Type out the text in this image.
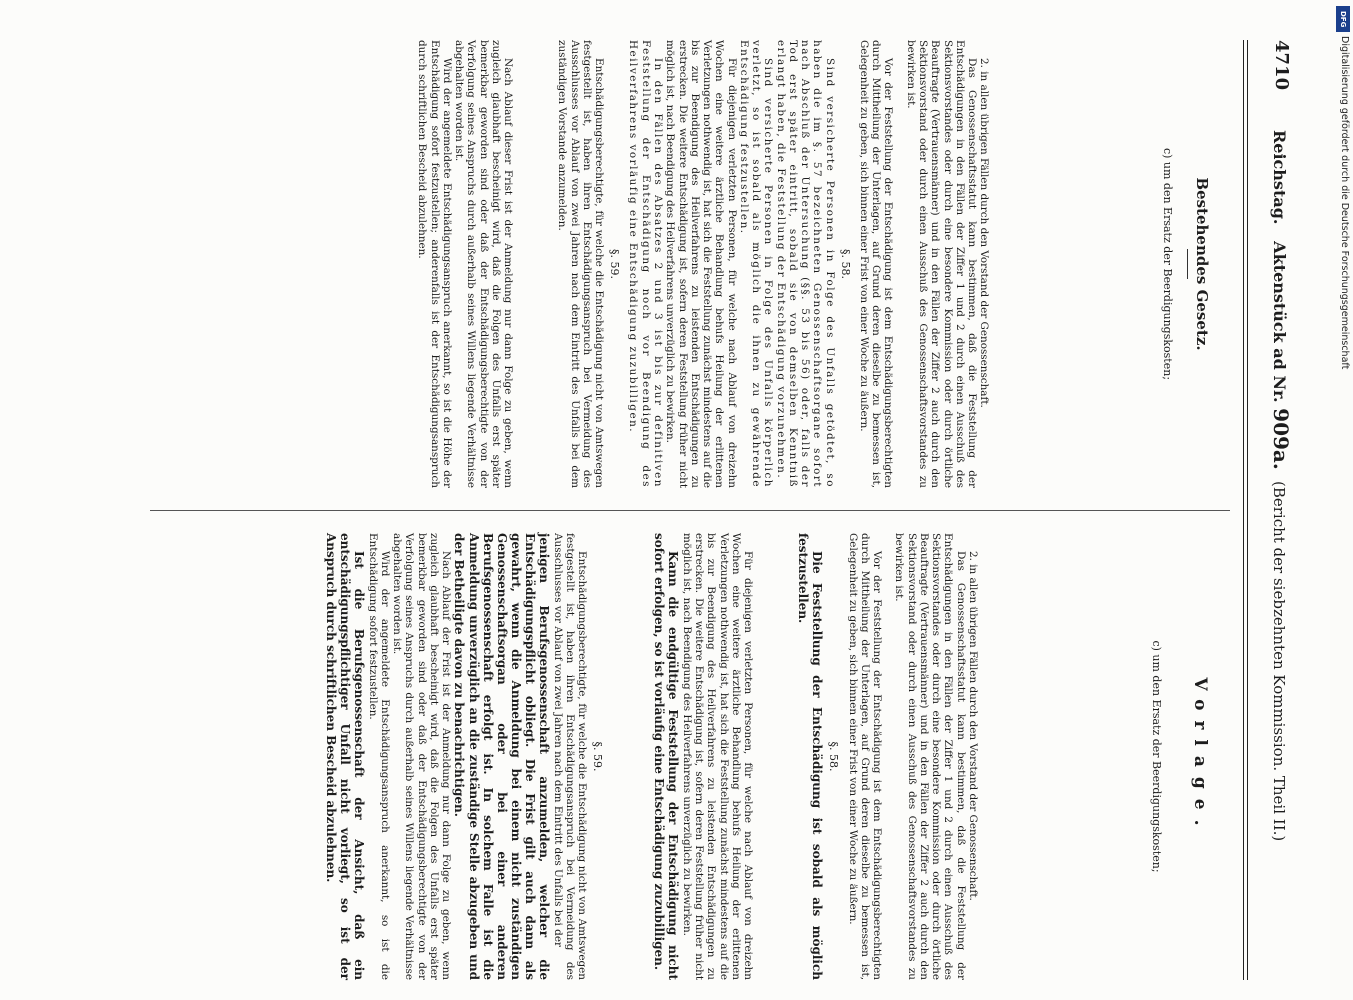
4710
Reichstag.   Aktenstück ad Nr. 909a.  (Bericht der siebzehnten Kommission. Theil II.)
Bestehendes Gesetz.
c) um den Ersatz der Beerdigungskosten;

2. in allen übrigen Fällen durch den Vorstand der Genossenschaft.

Das Genossenschaftsstatut kann bestimmen, daß die Feststellung der Entschädigungen in den Fällen der Ziffer 1 und 2 durch einen Ausschuß des Sektionsvorstandes oder durch eine besondere Kommission oder durch örtliche Beauftragte (Vertrauensmänner) und in den Fällen der Ziffer 2 auch durch den Sektionsvorstand oder durch einen Ausschuß des Genossenschaftsvorstandes zu bewirken ist.

Vor der Feststellung der Entschädigung ist dem Entschädigungsberechtigten durch Mittheilung der Unterlagen, auf Grund deren dieselbe zu bemessen ist, Gelegenheit zu geben, sich binnen einer Frist von einer Woche zu äußern.

§. 58.

Sind versicherte Personen in Folge des Unfalls getödtet, so haben die im §. 57 bezeichneten Genossenschaftsorgane sofort nach Abschluß der Untersuchung (§§. 53 bis 56) oder, falls der Tod erst später eintritt, sobald sie von demselben Kenntniß erlangt haben, die Feststellung der Entschädigung vorzunehmen.

Sind versicherte Personen in Folge des Unfalls körperlich verletzt, so ist sobald als möglich die ihnen zu gewährende Entschädigung festzustellen.

Für diejenigen verletzten Personen, für welche nach Ablauf von dreizehn Wochen eine weitere ärztliche Behandlung behufs Heilung der erlittenen Verletzungen nothwendig ist, hat sich die Feststellung zunächst mindestens auf die bis zur Beendigung des Heilverfahrens zu leistenden Entschädigungen zu erstrecken. Die weitere Entschädigung ist, sofern deren Feststellung früher nicht möglich ist, nach Beendigung des Heilverfahrens unverzüglich zu bewirken.

In den Fällen des Absatzes 2 und 3 ist bis zur definitiven Feststellung der Entschädigung noch vor Beendigung des Heilverfahrens vorläufig eine Entschädigung zuzubilligen.

§. 59.

Entschädigungsberechtigte, für welche die Entschädigung nicht von Amtswegen festgestellt ist, haben ihren Entschädigungsanspruch bei Vermeidung des Ausschlusses vor Ablauf von zwei Jahren nach dem Eintritt des Unfalls bei dem zuständigen Vorstande anzumelden.

Nach Ablauf dieser Frist ist der Anmeldung nur dann Folge zu geben, wenn zugleich glaubhaft bescheinigt wird, daß die Folgen des Unfalls erst später bemerkbar geworden sind oder daß der Entschädigungsberechtigte von der Verfolgung seines Anspruchs durch außerhalb seines Willens liegende Verhältnisse abgehalten worden ist.

Wird der angemeldete Entschädigungsanspruch anerkannt, so ist die Höhe der Entschädigung sofort festzustellen; anderenfalls ist der Entschädigungsanspruch durch schriftlichen Bescheid abzulehnen.

Vorlage.
c) um den Ersatz der Beerdigungskosten;

2. in allen übrigen Fällen durch den Vorstand der Genossenschaft.

Das Genossenschaftsstatut kann bestimmen, daß die Feststellung der Entschädigungen in den Fällen der Ziffer 1 und 2 durch einen Ausschuß des Sektionsvorstandes oder durch eine besondere Kommission oder durch örtliche Beauftragte (Vertrauensmänner) und in den Fällen der Ziffer 2 auch durch den Sektionsvorstand oder durch einen Ausschuß des Genossenschaftsvorstandes zu bewirken ist.

Vor der Feststellung der Entschädigung ist dem Entschädigungsberechtigten durch Mittheilung der Unterlagen, auf Grund deren dieselbe zu bemessen ist, Gelegenheit zu geben, sich binnen einer Frist von einer Woche zu äußern.

§. 58.

Die Feststellung der Entschädigung ist sobald als möglich festzustellen.

Für diejenigen verletzten Personen, für welche nach Ablauf von dreizehn Wochen eine weitere ärztliche Behandlung behufs Heilung der erlittenen Verletzungen nothwendig ist, hat sich die Feststellung zunächst mindestens auf die bis zur Beendigung des Heilverfahrens zu leistenden Entschädigungen zu erstrecken. Die weitere Entschädigung ist, sofern deren Feststellung früher nicht möglich ist, nach Beendigung des Heilverfahrens unverzüglich zu bewirken.

Kann die endgültige Feststellung der Entschädigung nicht sofort erfolgen, so ist vorläufig eine Entschädigung zuzubilligen.

§. 59.

Entschädigungsberechtigte, für welche die Entschädigung nicht von Amtswegen festgestellt ist, haben ihren Entschädigungsanspruch bei Vermeidung des Ausschlusses vor Ablauf von zwei Jahren nach dem Eintritt des Unfalls bei der

jenigen Berufsgenossenschaft anzumelden, welcher die Entschädigungspflicht obliegt. Die Frist gilt auch dann als gewahrt, wenn die Anmeldung bei einem nicht zuständigen Genossenschaftsorgan oder bei einer anderen Berufsgenossenschaft erfolgt ist. In solchem Falle ist die Anmeldung unverzüglich an die zuständige Stelle abzugeben und der Betheiligte davon zu benachrichtigen.

Nach Ablauf der Frist ist der Anmeldung nur dann Folge zu geben, wenn zugleich glaubhaft bescheinigt wird, daß die Folgen des Unfalls erst später bemerkbar geworden sind oder daß der Entschädigungsberechtigte von der Verfolgung seines Anspruchs durch außerhalb seines Willens liegende Verhältnisse abgehalten worden ist.

Wird der angemeldete Entschädigungsanspruch anerkannt, so ist die Entschädigung sofort festzustellen.

Ist die Berufsgenossenschaft der Ansicht, daß ein entschädigungspflichtiger Unfall nicht vorliegt, so ist der Anspruch durch schriftlichen Bescheid abzulehnen.

DFG
Digitalisierung gefördert durch die Deutsche Forschungsgemeinschaft
